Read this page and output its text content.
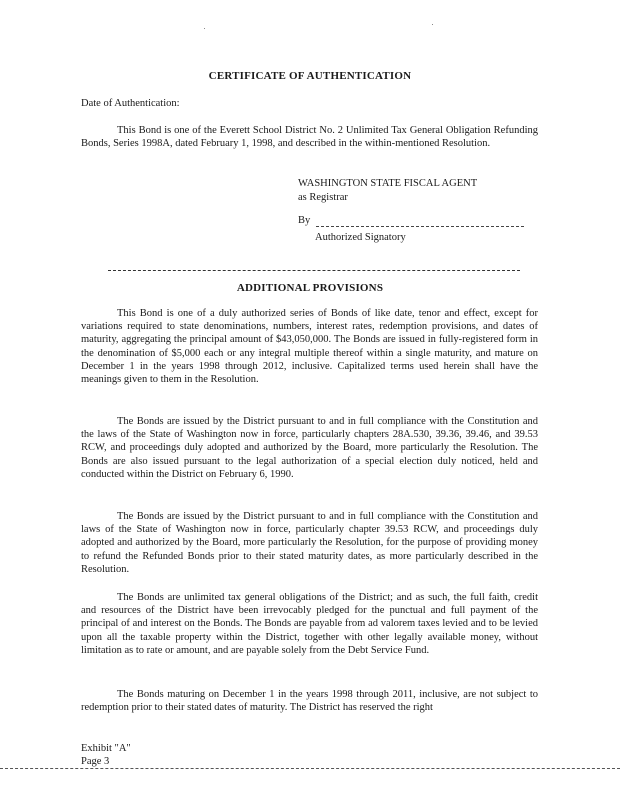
CERTIFICATE OF AUTHENTICATION
Date of Authentication:

This Bond is one of the Everett School District No. 2 Unlimited Tax General Obligation Refunding Bonds, Series 1998A, dated February 1, 1998, and described in the within-mentioned Resolution.

WASHINGTON STATE FISCAL AGENT
as Registrar
By
Authorized Signatory
ADDITIONAL PROVISIONS

This Bond is one of a duly authorized series of Bonds of like date, tenor and effect, except for variations required to state denominations, numbers, interest rates, redemption provisions, and dates of maturity, aggregating the principal amount of $43,050,000. The Bonds are issued in fully-registered form in the denomination of $5,000 each or any integral multiple thereof within a single maturity, and mature on December 1 in the years 1998 through 2012, inclusive. Capitalized terms used herein shall have the meanings given to them in the Resolution.

The Bonds are issued by the District pursuant to and in full compliance with the Constitution and the laws of the State of Washington now in force, particularly chapters 28A.530, 39.36, 39.46, and 39.53 RCW, and proceedings duly adopted and authorized by the Board, more particularly the Resolution. The Bonds are also issued pursuant to the legal authorization of a special election duly noticed, held and conducted within the District on February 6, 1990.

The Bonds are issued by the District pursuant to and in full compliance with the Constitution and laws of the State of Washington now in force, particularly chapter 39.53 RCW, and proceedings duly adopted and authorized by the Board, more particularly the Resolution, for the purpose of providing money to refund the Refunded Bonds prior to their stated maturity dates, as more particularly described in the Resolution.

The Bonds are unlimited tax general obligations of the District; and as such, the full faith, credit and resources of the District have been irrevocably pledged for the punctual and full payment of the principal of and interest on the Bonds. The Bonds are payable from ad valorem taxes levied and to be levied upon all the taxable property within the District, together with other legally available money, without limitation as to rate or amount, and are payable solely from the Debt Service Fund.

The Bonds maturing on December 1 in the years 1998 through 2011, inclusive, are not subject to redemption prior to their stated dates of maturity. The District has reserved the right

Exhibit "A"
Page 3
